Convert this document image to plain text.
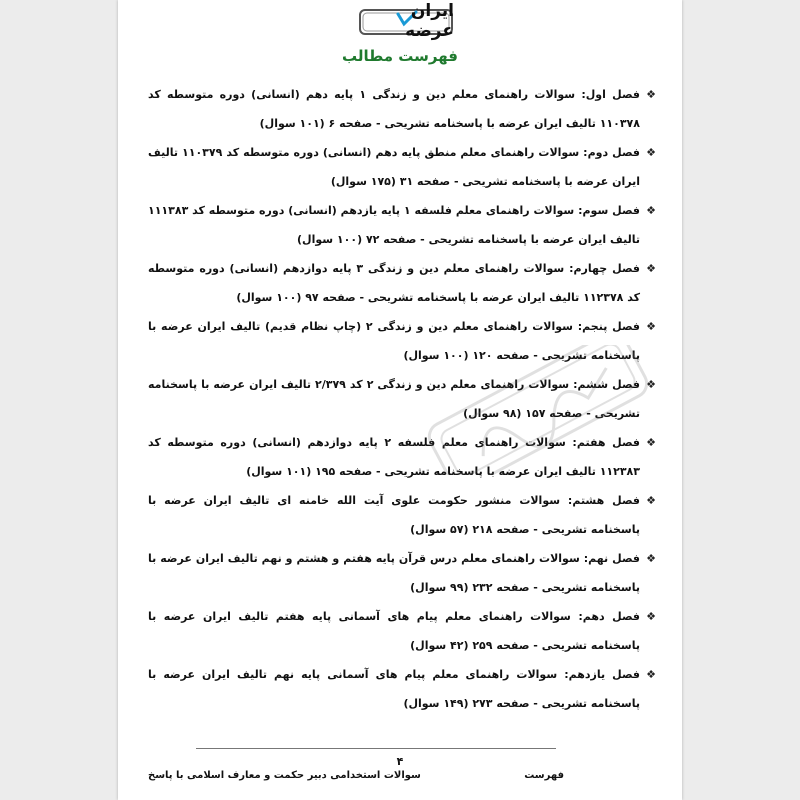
ایران عرضه
فهرست مطالب
❖
فصل اول: سوالات راهنمای معلم دین و زندگی ۱ پایه دهم (انسانی) دوره متوسطه کد ۱۱۰۳۷۸ تالیف ایران عرضه با پاسخنامه تشریحی - صفحه ۶ (۱۰۱ سوال)
❖
فصل دوم: سوالات راهنمای معلم منطق پایه دهم (انسانی) دوره متوسطه کد ۱۱۰۳۷۹ تالیف ایران عرضه با پاسخنامه تشریحی - صفحه ۳۱ (۱۷۵ سوال)
❖
فصل سوم: سوالات راهنمای معلم فلسفه ۱ پایه یازدهم (انسانی) دوره متوسطه کد ۱۱۱۳۸۳ تالیف ایران عرضه با پاسخنامه تشریحی - صفحه ۷۲ (۱۰۰ سوال)
❖
فصل چهارم: سوالات راهنمای معلم دین و زندگی ۳ پایه دوازدهم (انسانی) دوره متوسطه کد ۱۱۲۳۷۸ تالیف ایران عرضه با پاسخنامه تشریحی - صفحه ۹۷ (۱۰۰ سوال)
❖
فصل پنجم: سوالات راهنمای معلم دین و زندگی ۲ (چاپ نظام قدیم) تالیف ایران عرضه با پاسخنامه تشریحی - صفحه ۱۲۰ (۱۰۰ سوال)
❖
فصل ششم: سوالات راهنمای معلم دین و زندگی ۲ کد ۲/۳۷۹ تالیف ایران عرضه با پاسخنامه تشریحی - صفحه ۱۵۷ (۹۸ سوال)
❖
فصل هفتم: سوالات راهنمای معلم فلسفه ۲ پایه دوازدهم (انسانی) دوره متوسطه کد ۱۱۲۳۸۳ تالیف ایران عرضه با پاسخنامه تشریحی - صفحه ۱۹۵ (۱۰۱ سوال)
❖
فصل هشتم: سوالات منشور حکومت علوی آیت الله خامنه ای تالیف ایران عرضه با پاسخنامه تشریحی - صفحه ۲۱۸ (۵۷ سوال)
❖
فصل نهم: سوالات راهنمای معلم درس قرآن پایه هفتم و هشتم و نهم تالیف ایران عرضه با پاسخنامه تشریحی - صفحه ۲۳۲ (۹۹ سوال)
❖
فصل دهم: سوالات راهنمای معلم پیام های آسمانی پایه هفتم تالیف ایران عرضه با پاسخنامه تشریحی - صفحه ۲۵۹ (۴۲ سوال)
❖
فصل یازدهم: سوالات راهنمای معلم پیام های آسمانی پایه نهم تالیف ایران عرضه با پاسخنامه تشریحی - صفحه ۲۷۳ (۱۴۹ سوال)
۴
سوالات استخدامی دبیر حکمت و معارف اسلامی با پاسخ	فهرست
